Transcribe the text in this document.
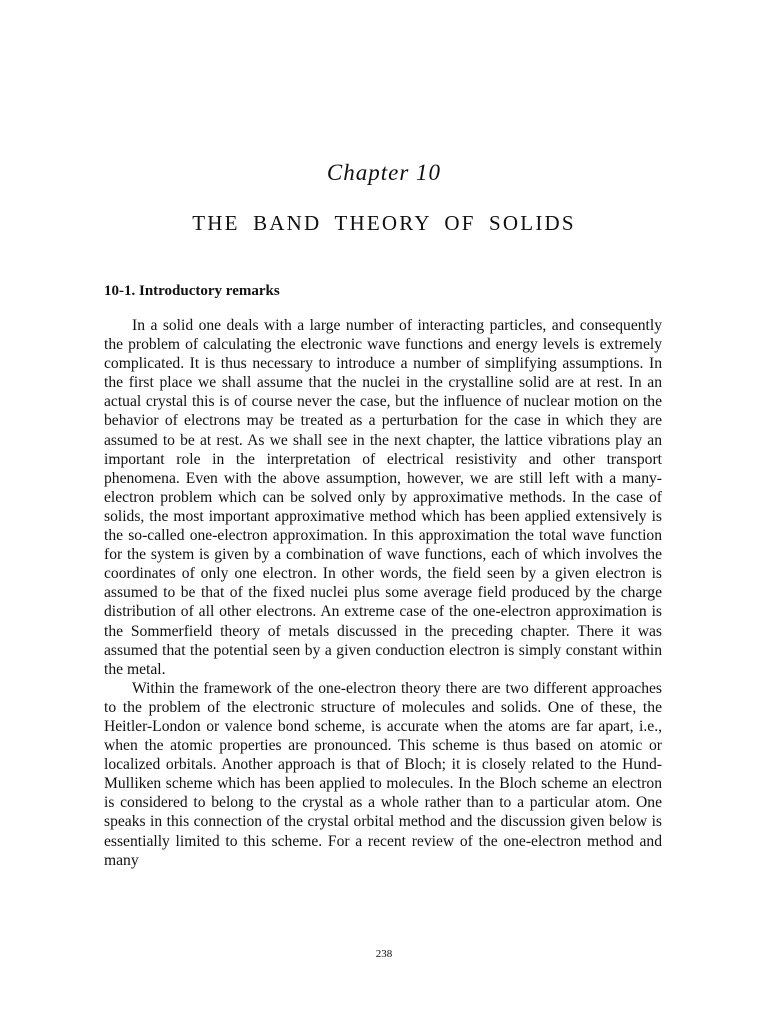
Chapter 10
THE BAND THEORY OF SOLIDS
10-1. Introductory remarks

In a solid one deals with a large number of interacting particles, and consequently the problem of calculating the electronic wave functions and energy levels is extremely complicated. It is thus necessary to introduce a number of simplifying assumptions. In the first place we shall assume that the nuclei in the crystalline solid are at rest. In an actual crystal this is of course never the case, but the influence of nuclear motion on the behavior of electrons may be treated as a perturbation for the case in which they are assumed to be at rest. As we shall see in the next chapter, the lattice vibrations play an important role in the interpretation of electrical resistivity and other transport phenomena. Even with the above assumption, however, we are still left with a many-electron problem which can be solved only by approximative methods. In the case of solids, the most important approximative method which has been applied extensively is the so-called one-electron approximation. In this approximation the total wave function for the system is given by a combination of wave functions, each of which involves the coordinates of only one electron. In other words, the field seen by a given electron is assumed to be that of the fixed nuclei plus some average field produced by the charge distribution of all other electrons. An extreme case of the one-electron approximation is the Sommerfield theory of metals discussed in the preceding chapter. There it was assumed that the potential seen by a given conduction electron is simply constant within the metal.

Within the framework of the one-electron theory there are two different approaches to the problem of the electronic structure of molecules and solids. One of these, the Heitler-London or valence bond scheme, is accurate when the atoms are far apart, i.e., when the atomic properties are pronounced. This scheme is thus based on atomic or localized orbitals. Another approach is that of Bloch; it is closely related to the Hund-Mulliken scheme which has been applied to molecules. In the Bloch scheme an electron is considered to belong to the crystal as a whole rather than to a particular atom. One speaks in this connection of the crystal orbital method and the discussion given below is essentially limited to this scheme. For a recent review of the one-electron method and many

238
